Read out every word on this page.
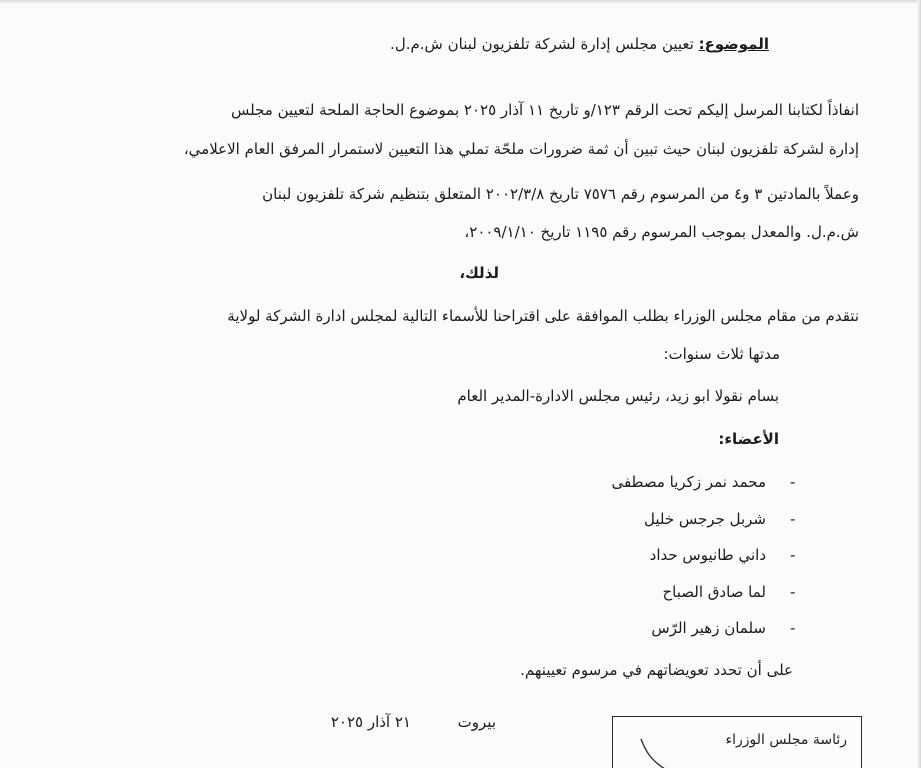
الموضوع: تعيين مجلس إدارة لشركة تلفزيون لبنان ش.م.ل.
انفاذاً لكتابنا المرسل إليكم تحت الرقم ١٢٣/و تاريخ ١١ آذار ٢٠٢٥ بموضوع الحاجة الملحة لتعيين مجلس
إدارة لشركة تلفزيون لبنان حيث تبين أن ثمة ضرورات ملحّة تملي هذا التعيين لاستمرار المرفق العام الاعلامي،
وعملاً بالمادتين ٣ و٤ من المرسوم رقم ٧٥٧٦ تاريخ ٢٠٠٢/٣/٨ المتعلق بتنظيم شركة تلفزيون لبنان
ش.م.ل. والمعدل بموجب المرسوم رقم ١١٩٥ تاريخ ٢٠٠٩/١/١٠،
لذلك،
نتقدم من مقام مجلس الوزراء بطلب الموافقة على اقتراحنا للأسماء التالية لمجلس ادارة الشركة لولاية
مدتها ثلاث سنوات:
بسام نقولا ابو زيد، رئيس مجلس الادارة-المدير العام
الأعضاء:
-
محمد نمر زكريا مصطفى
-
شربل جرجس خليل
-
داني طانيوس حداد
-
لما صادق الصباح
-
سلمان زهير الرّس
على أن تحدد تعويضاتهم في مرسوم تعيينهم.
بيروت
٢١ آذار ٢٠٢٥
رئاسة مجلس الوزراء
